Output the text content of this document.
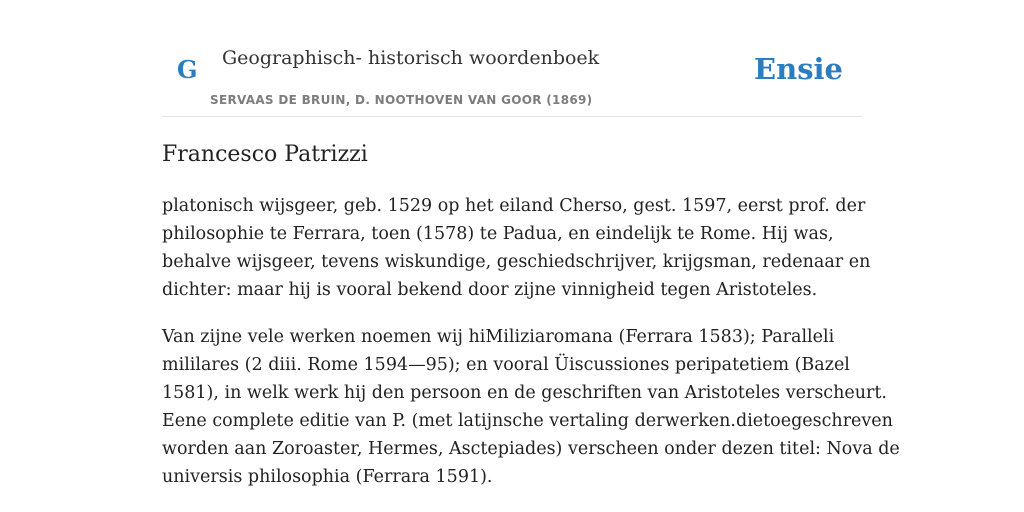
G Geographisch- historisch woordenboek
SERVAAS DE BRUIN, D. NOOTHOVEN VAN GOOR (1869)
Ensie
Francesco Patrizzi

platonisch wijsgeer, geb. 1529 op het eiland Cherso, gest. 1597, eerst prof. der
philosophie te Ferrara, toen (1578) te Padua, en eindelijk te Rome. Hij was,
behalve wijsgeer, tevens wiskundige, geschiedschrijver, krijgsman, redenaar en
dichter: maar hij is vooral bekend door zijne vinnigheid tegen Aristoteles.

Van zijne vele werken noemen wij hiMiliziaromana (Ferrara 1583); Paralleli
mililares (2 diii. Rome 1594—95); en vooral Üiscussiones peripatetiem (Bazel
1581), in welk werk hij den persoon en de geschriften van Aristoteles verscheurt.
Eene complete editie van P. (met latijnsche vertaling derwerken.dietoegeschreven
worden aan Zoroaster, Hermes, Asctepiades) verscheen onder dezen titel: Nova de
universis philosophia (Ferrara 1591).
